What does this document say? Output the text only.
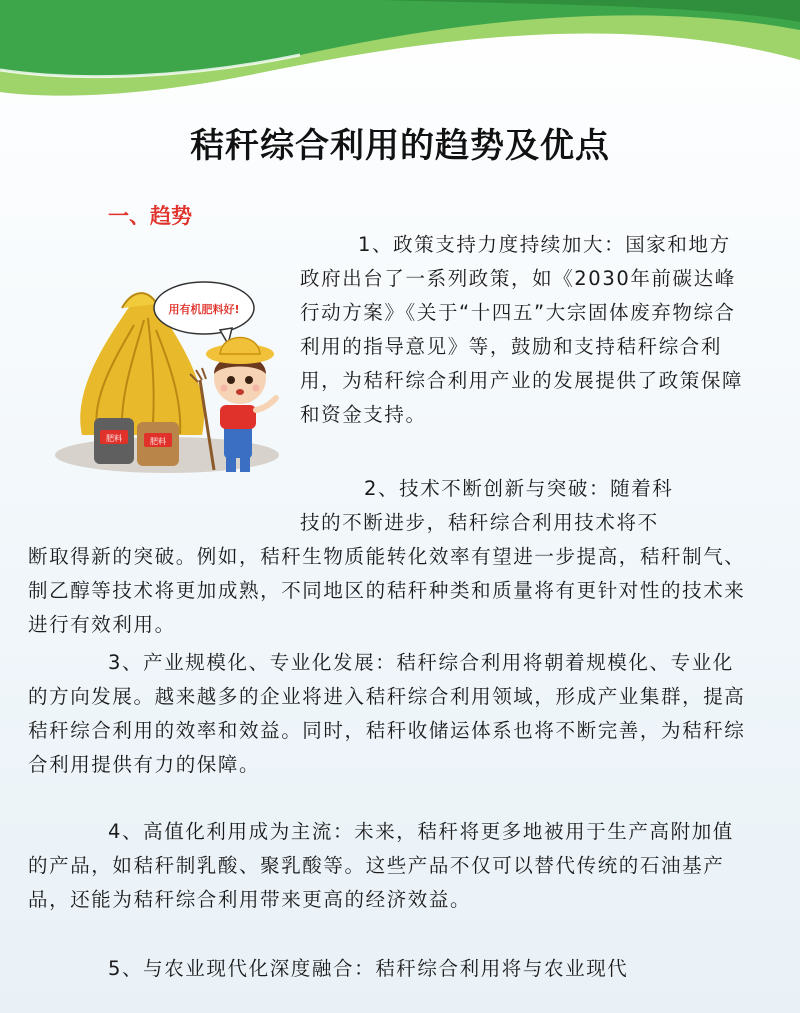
秸秆综合利用的趋势及优点
一、趋势
肥料	肥料
用有机肥料好!

1、政策支持力度持续加大：国家和地方政府出台了一系列政策，如《2030年前碳达峰行动方案》《关于“十四五”大宗固体废弃物综合利用的指导意见》等，鼓励和支持秸秆综合利用，为秸秆综合利用产业的发展提供了政策保障和资金支持。

2、技术不断创新与突破：随着科
技的不断进步，秸秆综合利用技术将不
断取得新的突破。例如，秸秆生物质能转化效率有望进一步提高，秸秆制气、制乙醇等技术将更加成熟，不同地区的秸秆种类和质量将有更针对性的技术来进行有效利用。

3、产业规模化、专业化发展：秸秆综合利用将朝着规模化、专业化的方向发展。越来越多的企业将进入秸秆综合利用领域，形成产业集群，提高秸秆综合利用的效率和效益。同时，秸秆收储运体系也将不断完善，为秸秆综合利用提供有力的保障。

4、高值化利用成为主流：未来，秸秆将更多地被用于生产高附加值的产品，如秸秆制乳酸、聚乳酸等。这些产品不仅可以替代传统的石油基产品，还能为秸秆综合利用带来更高的经济效益。

5、与农业现代化深度融合：秸秆综合利用将与农业现代
